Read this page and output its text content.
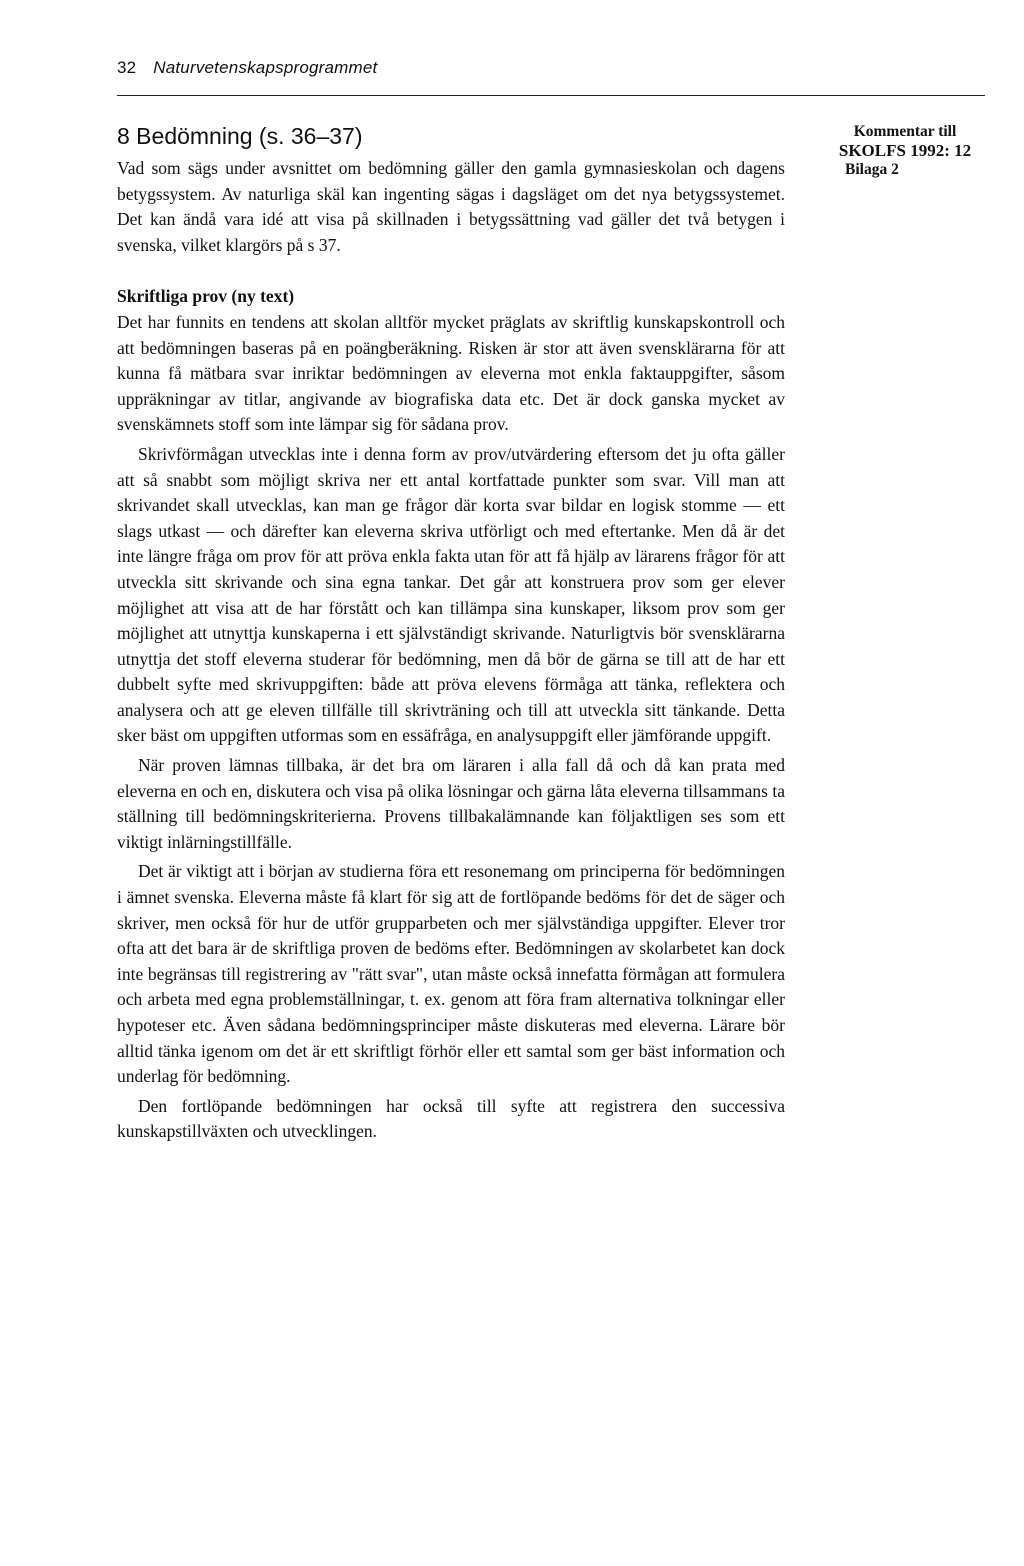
32 Naturvetenskapsprogrammet
Kommentar till
SKOLFS 1992: 12
Bilaga 2
8 Bedömning (s. 36–37)

Vad som sägs under avsnittet om bedömning gäller den gamla gymnasieskolan och dagens betygssystem. Av naturliga skäl kan ingenting sägas i dagsläget om det nya betygssystemet. Det kan ändå vara idé att visa på skillnaden i betygssättning vad gäller det två betygen i svenska, vilket klargörs på s 37.

Skriftliga prov (ny text)

Det har funnits en tendens att skolan alltför mycket präglats av skriftlig kunskapskontroll och att bedömningen baseras på en poängberäkning. Risken är stor att även svensklärarna för att kunna få mätbara svar inriktar bedömningen av eleverna mot enkla faktauppgifter, såsom uppräkningar av titlar, angivande av biografiska data etc. Det är dock ganska mycket av svenskämnets stoff som inte lämpar sig för sådana prov.

Skrivförmågan utvecklas inte i denna form av prov/utvärdering eftersom det ju ofta gäller att så snabbt som möjligt skriva ner ett antal kortfattade punkter som svar. Vill man att skrivandet skall utvecklas, kan man ge frågor där korta svar bildar en logisk stomme — ett slags utkast — och därefter kan eleverna skriva utförligt och med eftertanke. Men då är det inte längre fråga om prov för att pröva enkla fakta utan för att få hjälp av lärarens frågor för att utveckla sitt skrivande och sina egna tankar. Det går att konstruera prov som ger elever möjlighet att visa att de har förstått och kan tillämpa sina kunskaper, liksom prov som ger möjlighet att utnyttja kunskaperna i ett självständigt skrivande. Naturligtvis bör svensklärarna utnyttja det stoff eleverna studerar för bedömning, men då bör de gärna se till att de har ett dubbelt syfte med skrivuppgiften: både att pröva elevens förmåga att tänka, reflektera och analysera och att ge eleven tillfälle till skrivträning och till att utveckla sitt tänkande. Detta sker bäst om uppgiften utformas som en essäfråga, en analysuppgift eller jämförande uppgift.

När proven lämnas tillbaka, är det bra om läraren i alla fall då och då kan prata med eleverna en och en, diskutera och visa på olika lösningar och gärna låta eleverna tillsammans ta ställning till bedömningskriterierna. Provens tillbakalämnande kan följaktligen ses som ett viktigt inlärningstillfälle.

Det är viktigt att i början av studierna föra ett resonemang om principerna för bedömningen i ämnet svenska. Eleverna måste få klart för sig att de fortlöpande bedöms för det de säger och skriver, men också för hur de utför grupparbeten och mer självständiga uppgifter. Elever tror ofta att det bara är de skriftliga proven de bedöms efter. Bedömningen av skolarbetet kan dock inte begränsas till registrering av "rätt svar", utan måste också innefatta förmågan att formulera och arbeta med egna problemställningar, t. ex. genom att föra fram alternativa tolkningar eller hypoteser etc. Även sådana bedömningsprinciper måste diskuteras med eleverna. Lärare bör alltid tänka igenom om det är ett skriftligt förhör eller ett samtal som ger bäst information och underlag för bedömning.

Den fortlöpande bedömningen har också till syfte att registrera den successiva kunskapstillväxten och utvecklingen.
